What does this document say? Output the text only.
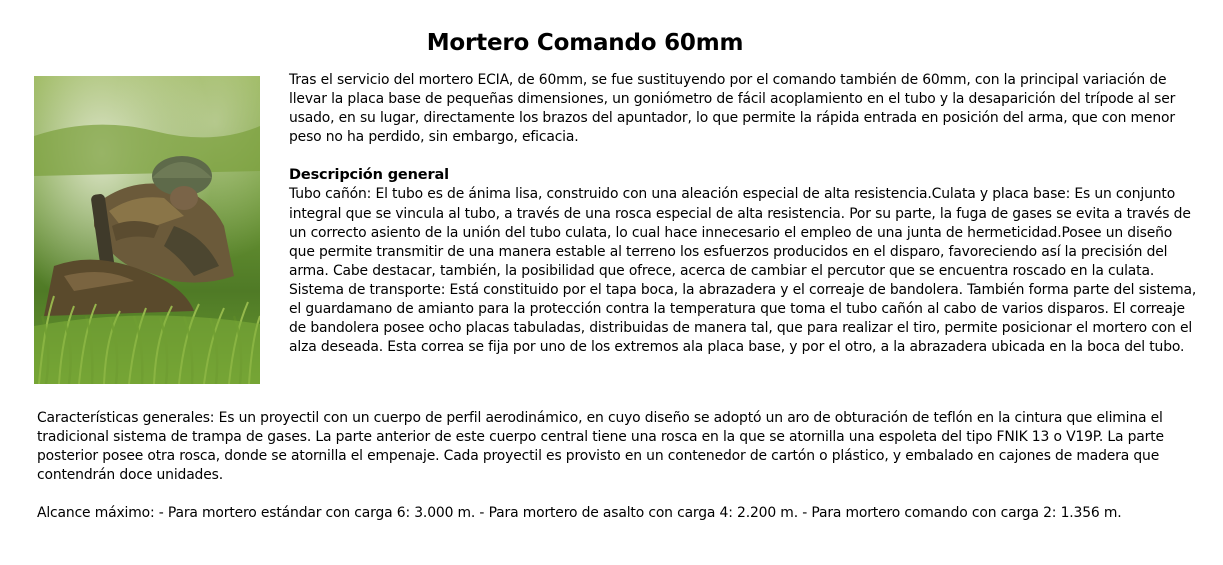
Mortero Comando 60mm

Tras el servicio del mortero ECIA, de 60mm, se fue sustituyendo por el comando también de 60mm, con la principal variación de llevar la placa base de pequeñas dimensiones, un goniómetro de fácil acoplamiento en el tubo y la desaparición del trípode al ser usado, en su lugar, directamente los brazos del apuntador, lo que permite la rápida entrada en posición del arma, que con menor peso no ha perdido, sin embargo, eficacia.

Descripción general

Tubo cañón: El tubo es de ánima lisa, construido con una aleación especial de alta resistencia.Culata y placa base: Es un conjunto integral que se vincula al tubo, a través de una rosca especial de alta resistencia. Por su parte, la fuga de gases se evita a través de un correcto asiento de la unión del tubo culata, lo cual hace innecesario el empleo de una junta de hermeticidad.Posee un diseño que permite transmitir de una manera estable al terreno los esfuerzos producidos en el disparo, favoreciendo así la precisión del arma. Cabe destacar, también, la posibilidad que ofrece, acerca de cambiar el percutor que se encuentra roscado en la culata.

Sistema de transporte: Está constituido por el tapa boca, la abrazadera y el correaje de bandolera. También forma parte del sistema, el guardamano de amianto para la protección contra la temperatura que toma el tubo cañón al cabo de varios disparos. El correaje de bandolera posee ocho placas tabuladas, distribuidas de manera tal, que para realizar el tiro, permite posicionar el mortero con el alza deseada. Esta correa se fija por uno de los extremos ala placa base, y por el otro, a la abrazadera ubicada en la boca del tubo.

Características generales: Es un proyectil con un cuerpo de perfil aerodinámico, en cuyo diseño se adoptó un aro de obturación de teflón en la cintura que elimina el tradicional sistema de trampa de gases. La parte anterior de este cuerpo central tiene una rosca en la que se atornilla una espoleta del tipo FNIK 13 o V19P. La parte posterior posee otra rosca, donde se atornilla el empenaje. Cada proyectil es provisto en un contenedor de cartón o plástico, y embalado en cajones de madera que contendrán doce unidades.

Alcance máximo: - Para mortero estándar con carga 6: 3.000 m. - Para mortero de asalto con carga 4: 2.200 m. - Para mortero comando con carga 2: 1.356 m.
